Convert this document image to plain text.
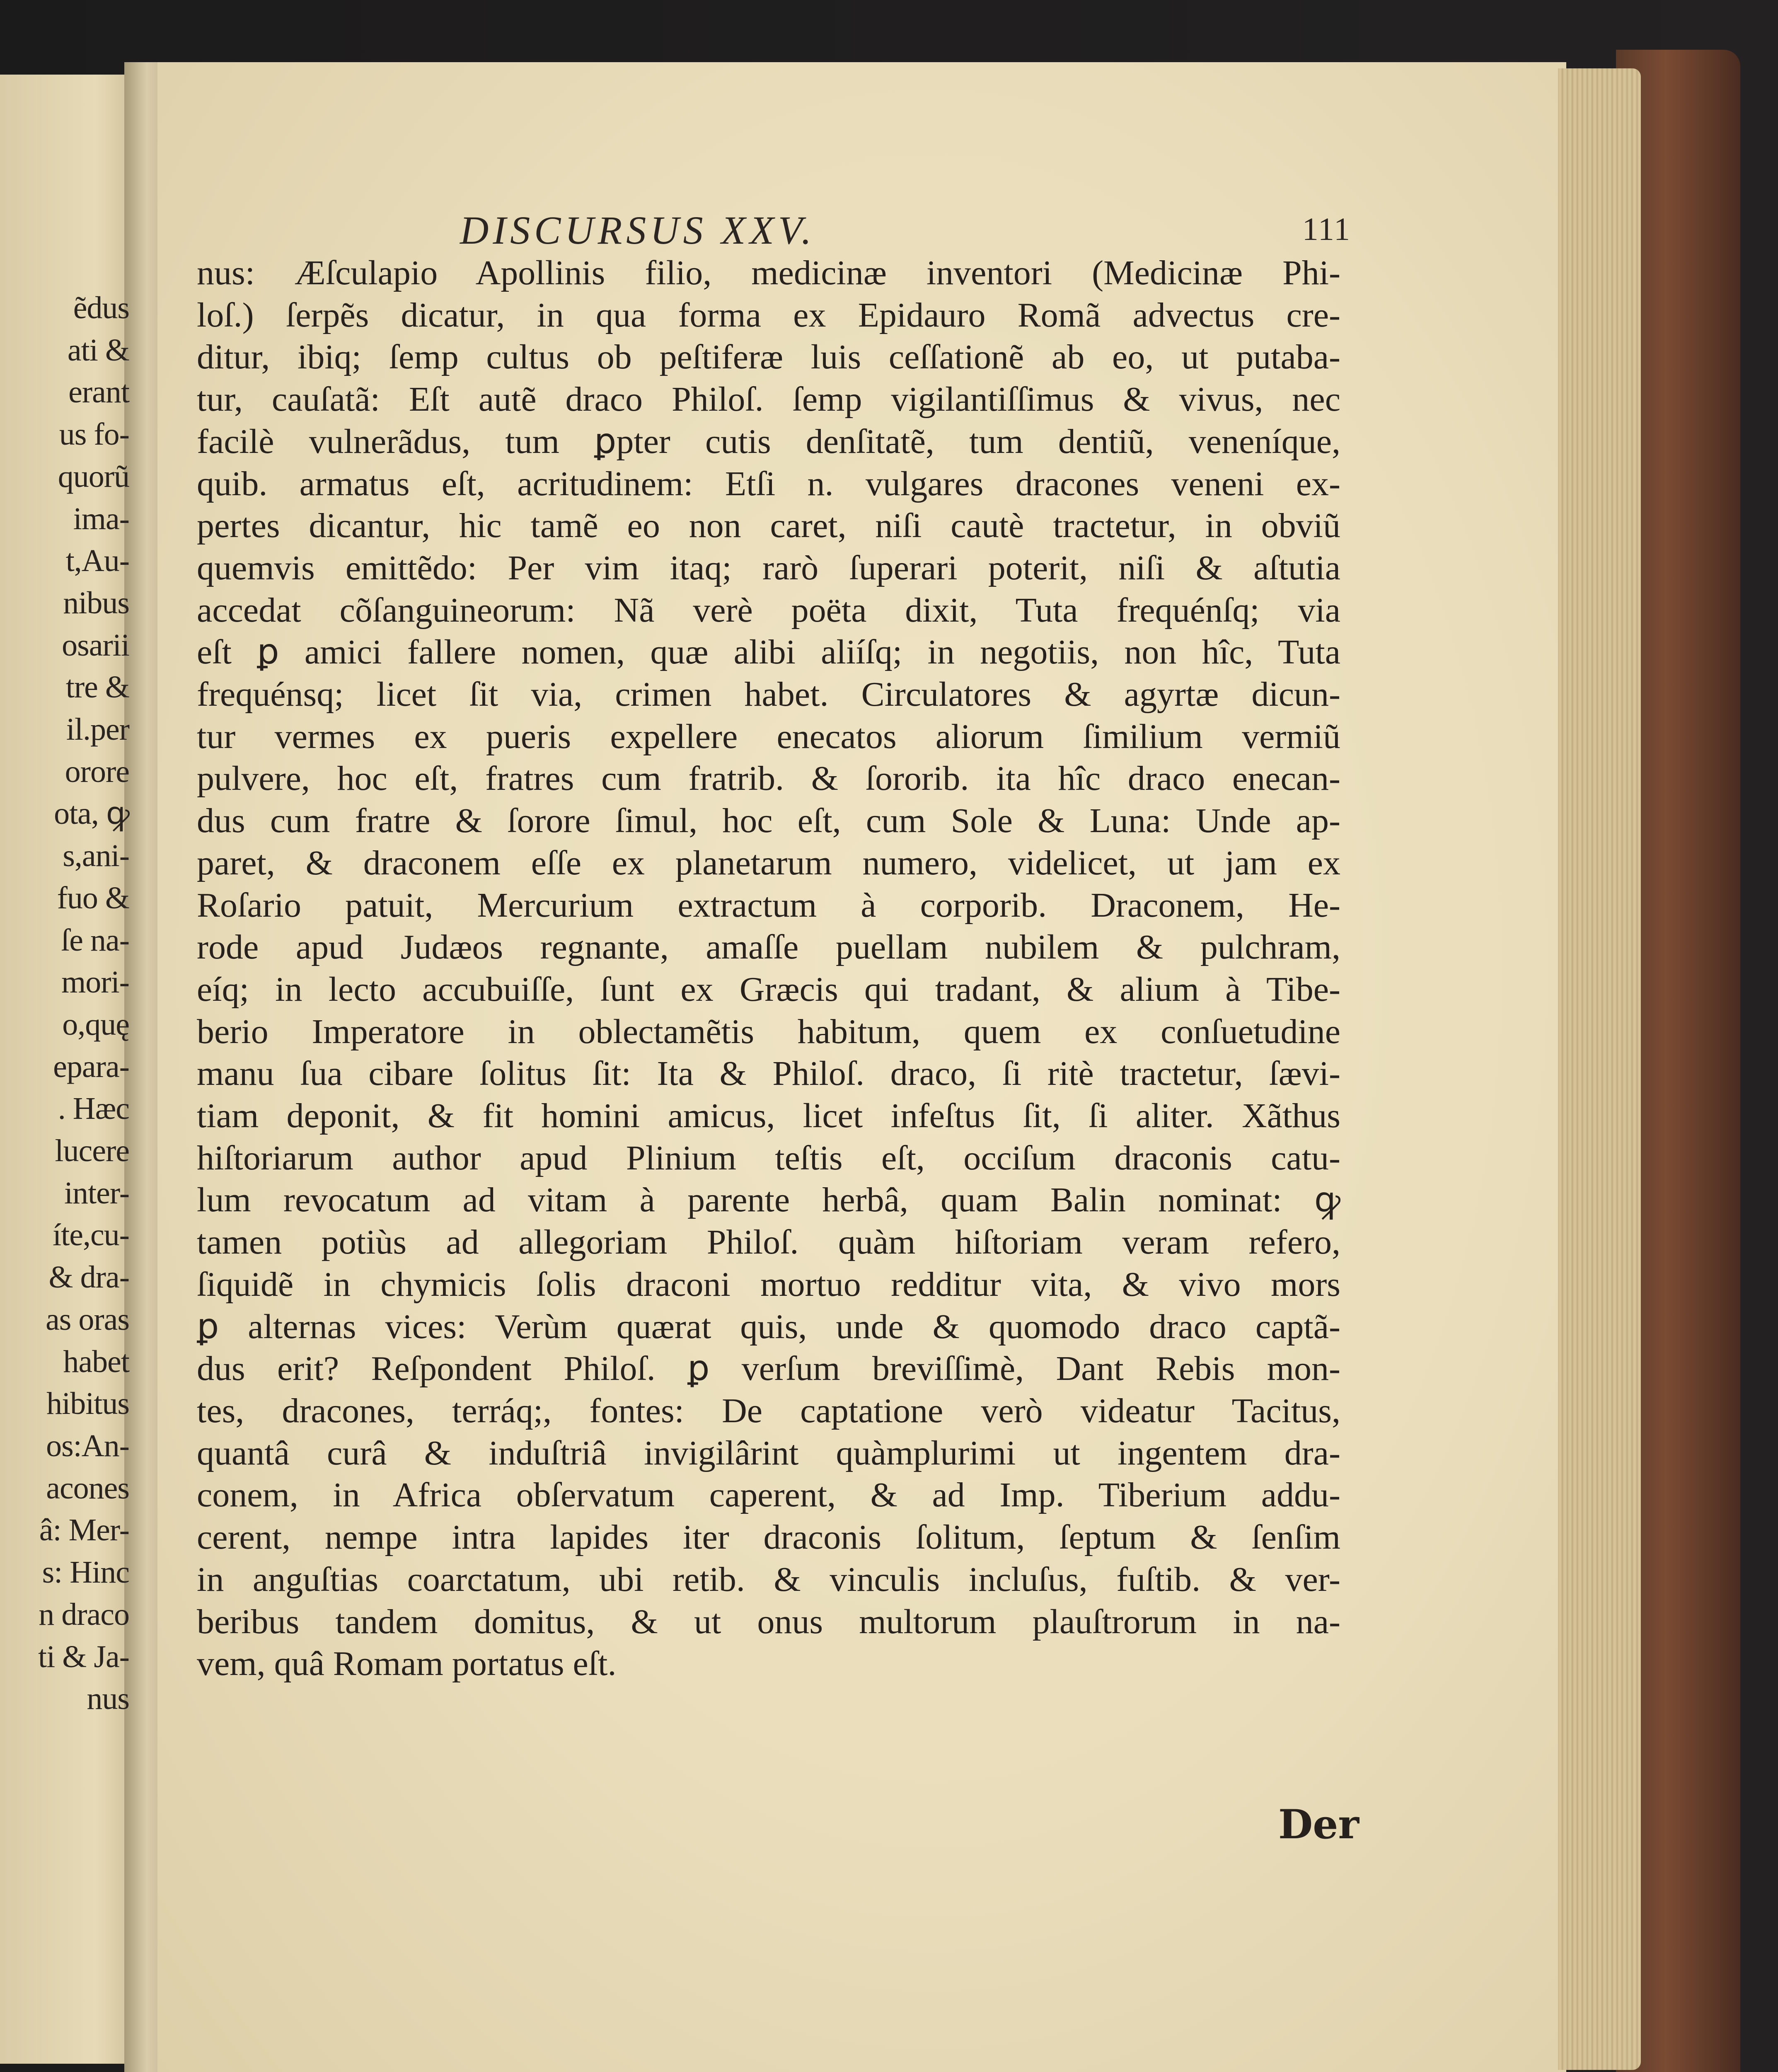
ẽdus
ati &
erant
us fo-
quorũ
ima-
t,Au-
nibus
osarii
tre &
il.per
orore
ota, ꝙ
s,ani-
fuo &
ſe na-
mori-
o,quę
epara-
. Hæc
lucere
inter-
íte,cu-
& dra-
as oras
habet
hibitus
os:An-
acones
â: Mer-
s: Hinc
n draco
ti & Ja-
nus
DISCURSUS XXV.	111
nus: Æſculapio Apollinis filio, medicinæ inventori (Medicinæ Phi-
loſ.) ſerpẽs dicatur, in qua forma ex Epidauro Romã advectus cre-
ditur, ibiq; ſemp cultus ob peſtiferæ luis ceſſationẽ ab eo, ut putaba-
tur, cauſatã: Eſt autẽ draco Philoſ. ſemp vigilantiſſimus & vivus, nec
facilè vulnerãdus, tum ꝑpter cutis denſitatẽ, tum dentiũ, veneníque,
quib. armatus eſt, acritudinem: Etſi n. vulgares dracones veneni ex-
pertes dicantur, hic tamẽ eo non caret, niſi cautè tractetur, in obviũ
quemvis emittẽdo: Per vim itaq; rarò ſuperari poterit, niſi & aſtutia
accedat cõſanguineorum: Nã verè poëta dixit, Tuta frequénſq; via
eſt ꝑ amici fallere nomen, quæ alibi aliíſq; in negotiis, non hîc, Tuta
frequénsq; licet ſit via, crimen habet. Circulatores & agyrtæ dicun-
tur vermes ex pueris expellere enecatos aliorum ſimilium vermiũ
pulvere, hoc eſt, fratres cum fratrib. & ſororib. ita hîc draco enecan-
dus cum fratre & ſorore ſimul, hoc eſt, cum Sole & Luna: Unde ap-
paret, & draconem eſſe ex planetarum numero, videlicet, ut jam ex
Roſario patuit, Mercurium extractum à corporib. Draconem, He-
rode apud Judæos regnante, amaſſe puellam nubilem & pulchram,
eíq; in lecto accubuiſſe, ſunt ex Græcis qui tradant, & alium à Tibe-
berio Imperatore in oblectamẽtis habitum, quem ex conſuetudine
manu ſua cibare ſolitus ſit: Ita & Philoſ. draco, ſi ritè tractetur, ſævi-
tiam deponit, & fit homini amicus, licet infeſtus ſit, ſi aliter. Xãthus
hiſtoriarum author apud Plinium teſtis eſt, occiſum draconis catu-
lum revocatum ad vitam à parente herbâ, quam Balin nominat: ꝙ
tamen potiùs ad allegoriam Philoſ. quàm hiſtoriam veram refero,
ſiquidẽ in chymicis ſolis draconi mortuo redditur vita, & vivo mors
ꝑ alternas vices: Verùm quærat quis, unde & quomodo draco captã-
dus erit? Reſpondent Philoſ. ꝑ verſum breviſſimè, Dant Rebis mon-
tes, dracones, terráq;, fontes: De captatione verò videatur Tacitus,
quantâ curâ & induſtriâ invigilârint quàmplurimi ut ingentem dra-
conem, in Africa obſervatum caperent, & ad Imp. Tiberium addu-
cerent, nempe intra lapides iter draconis ſolitum, ſeptum & ſenſim
in anguſtias coarctatum, ubi retib. & vinculis incluſus, fuſtib. & ver-
beribus tandem domitus, & ut onus multorum plauſtrorum in na-
vem, quâ Romam portatus eſt.
Der
